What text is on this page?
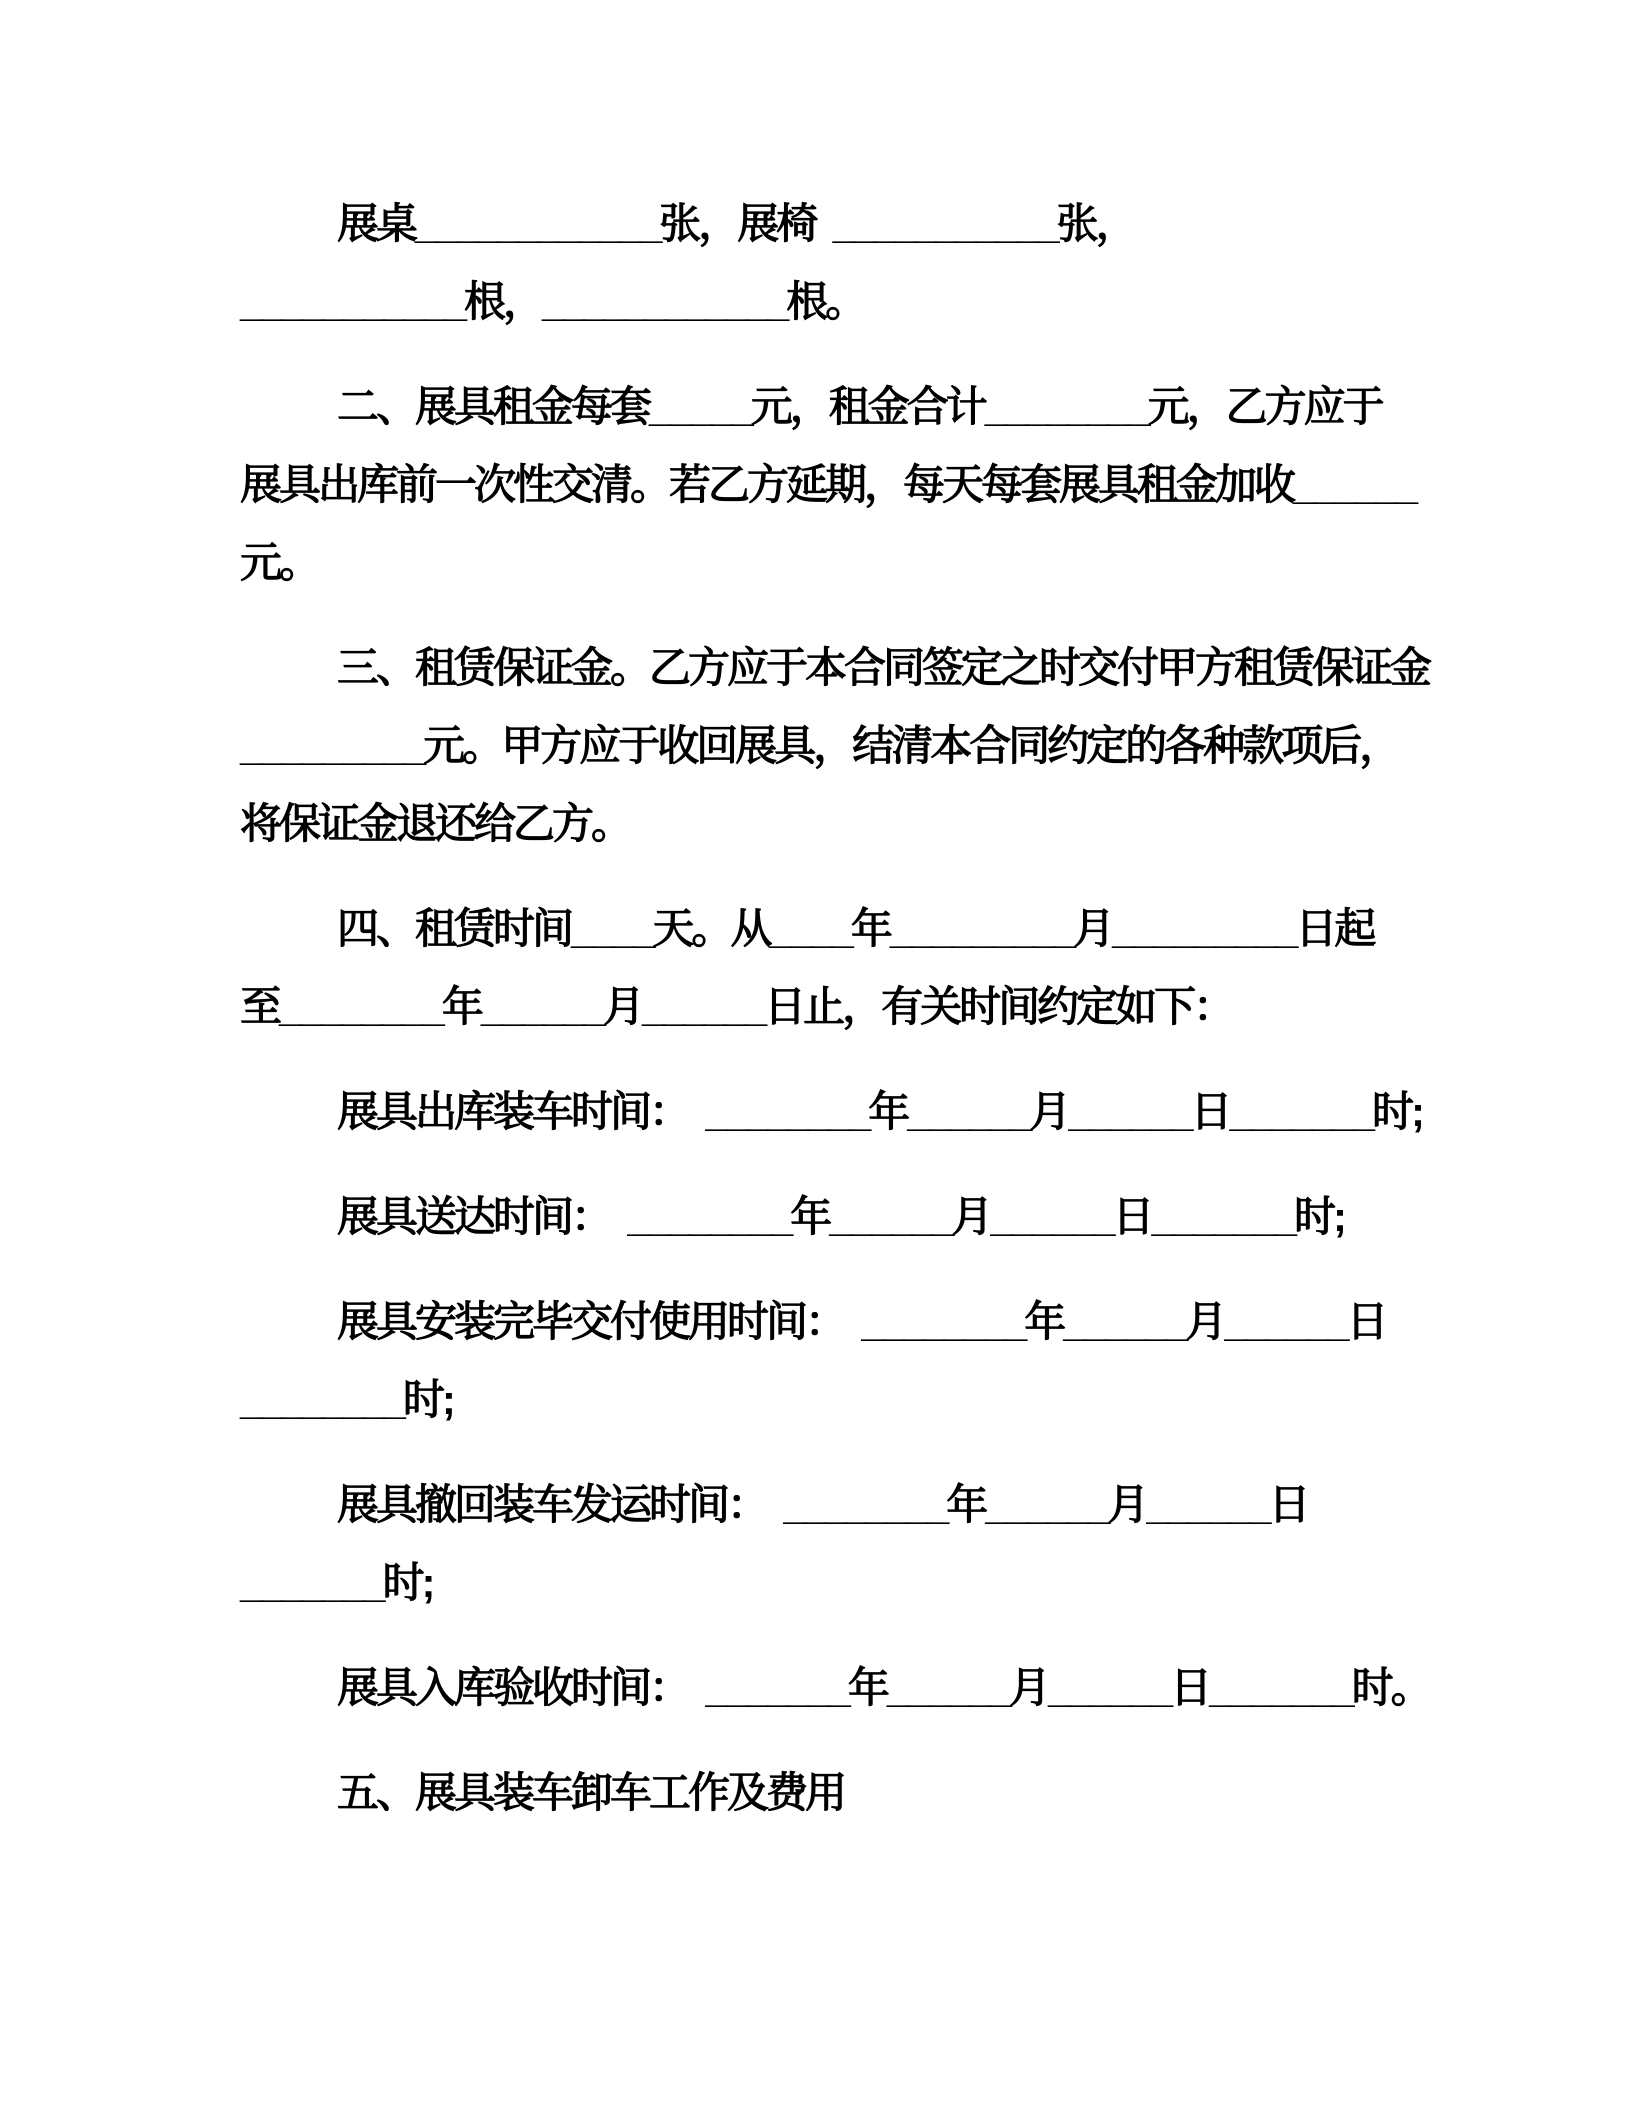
展桌____________张，展椅  ___________张，
___________根，____________根。
二、展具租金每套_____元，租金合计________元，乙方应于
展具出库前一次性交清。若乙方延期，每天每套展具租金加收______
元。
三、租赁保证金。乙方应于本合同签定之时交付甲方租赁保证金
_________元。甲方应于收回展具，结清本合同约定的各种款项后，
将保证金退还给乙方。
四、租赁时间____天。从____年_________月_________日起
至________年______月______日止，有关时间约定如下：
展具出库装车时间：  ________年______月______日_______时;
展具送达时间：  ________年______月______日_______时;
展具安装完毕交付使用时间：  ________年______月______日
________时;
展具撤回装车发运时间：  ________年______月______日
_______时;
展具入库验收时间：  _______年______月______日_______时。
五、展具装车卸车工作及费用
